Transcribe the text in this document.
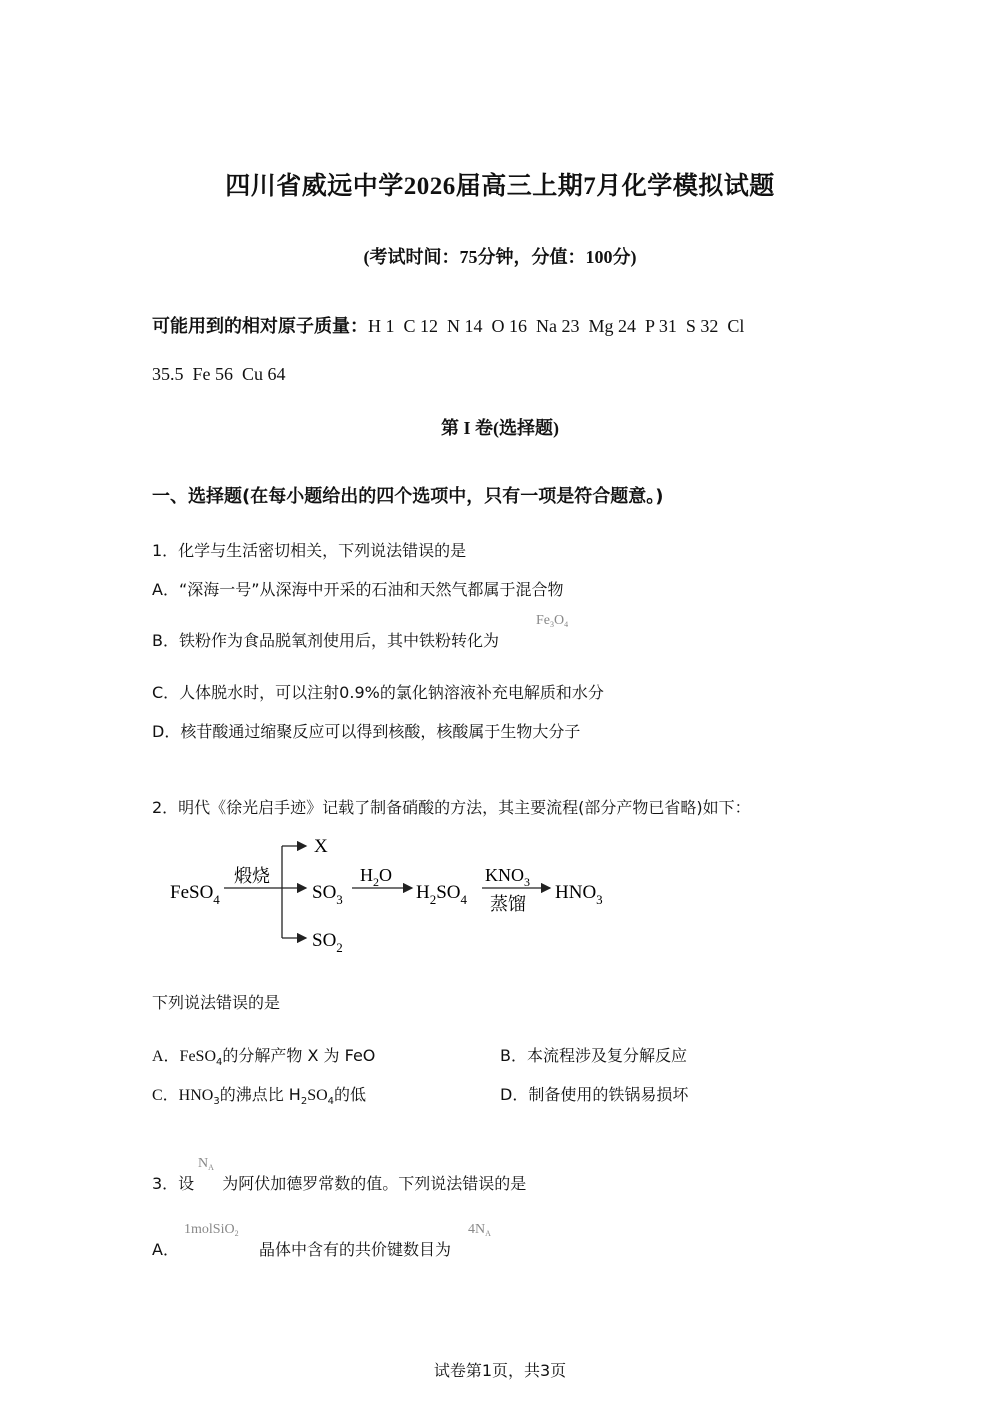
四川省威远中学2026届高三上期7月化学模拟试题
(考试时间：75分钟，分值：100分)
可能用到的相对原子质量：H 1  C 12  N 14  O 16  Na 23  Mg 24  P 31  S 32  Cl
35.5  Fe 56  Cu 64
第 I 卷(选择题)
一、选择题(在每小题给出的四个选项中，只有一项是符合题意。)
1．化学与生活密切相关，下列说法错误的是
A．“深海一号”从深海中开采的石油和天然气都属于混合物
B．铁粉作为食品脱氧剂使用后，其中铁粉转化为
$Fe_3O_4$
C．人体脱水时，可以注射0.9%的氯化钠溶液补充电解质和水分
D．核苷酸通过缩聚反应可以得到核酸，核酸属于生物大分子
2．明代《徐光启手迹》记载了制备硝酸的方法，其主要流程(部分产物已省略)如下：
FeSO$_4$
煅烧
X
$SO_3$
$SO_2$
$H_2O$
$H_2SO_4$
$KNO_3$
蒸馏
$HNO_3$
下列说法错误的是
A．FeSO$_4$的分解产物 X 为 FeO	B．本流程涉及复分解反应
C．$HNO_3$的沸点比 $H_2SO_4$的低	D．制备使用的铁锅易损坏
3．设 为阿伏加德罗常数的值。下列说法错误的是
$N_A$
A．	晶体中含有的共价键数目为
1molSiO$_2$	$4N_A$
试卷第1页，共3页
